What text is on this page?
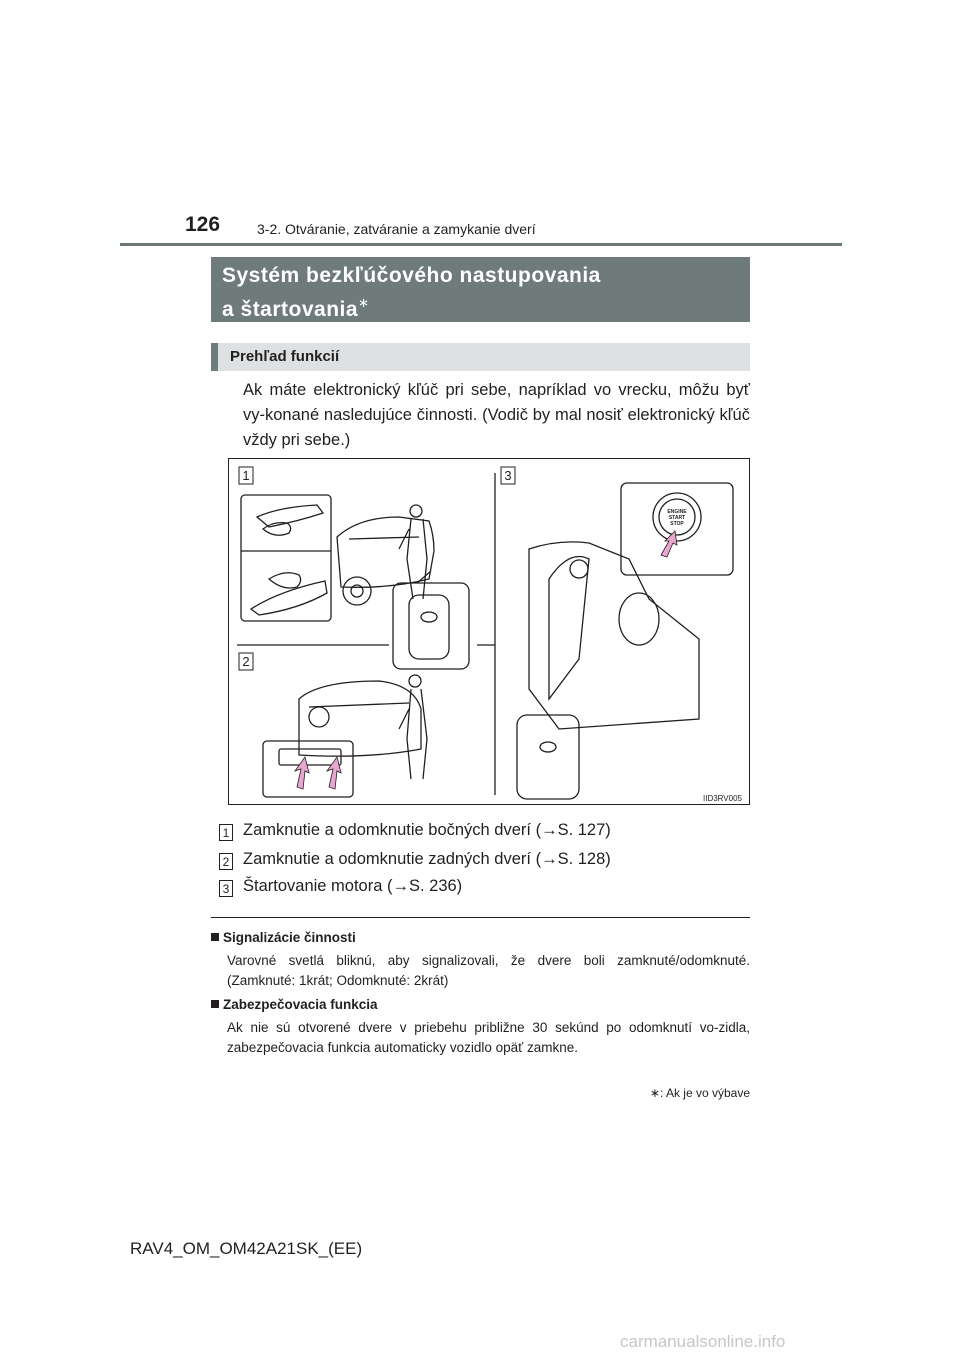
126	3-2. Otváranie, zatváranie a zamykanie dverí
Systém bezkľúčového nastupovania
a štartovania∗
Prehľad funkcií
Ak máte elektronický kľúč pri sebe, napríklad vo vrecku, môžu byť vy-konané nasledujúce činnosti. (Vodič by mal nosiť elektronický kľúč vždy pri sebe.)
1
2
3
ENGINE
START
STOP
IID3RV005
1 Zamknutie a odomknutie bočných dverí (→S. 127)
2 Zamknutie a odomknutie zadných dverí (→S. 128)
3 Štartovanie motora (→S. 236)
Signalizácie činnosti
Varovné svetlá bliknú, aby signalizovali, že dvere boli zamknuté/odomknuté. (Zamknuté: 1krát; Odomknuté: 2krát)
Zabezpečovacia funkcia
Ak nie sú otvorené dvere v priebehu približne 30 sekúnd po odomknutí vo-zidla, zabezpečovacia funkcia automaticky vozidlo opäť zamkne.
∗: Ak je vo výbave
RAV4_OM_OM42A21SK_(EE)
carmanualsonline.info
